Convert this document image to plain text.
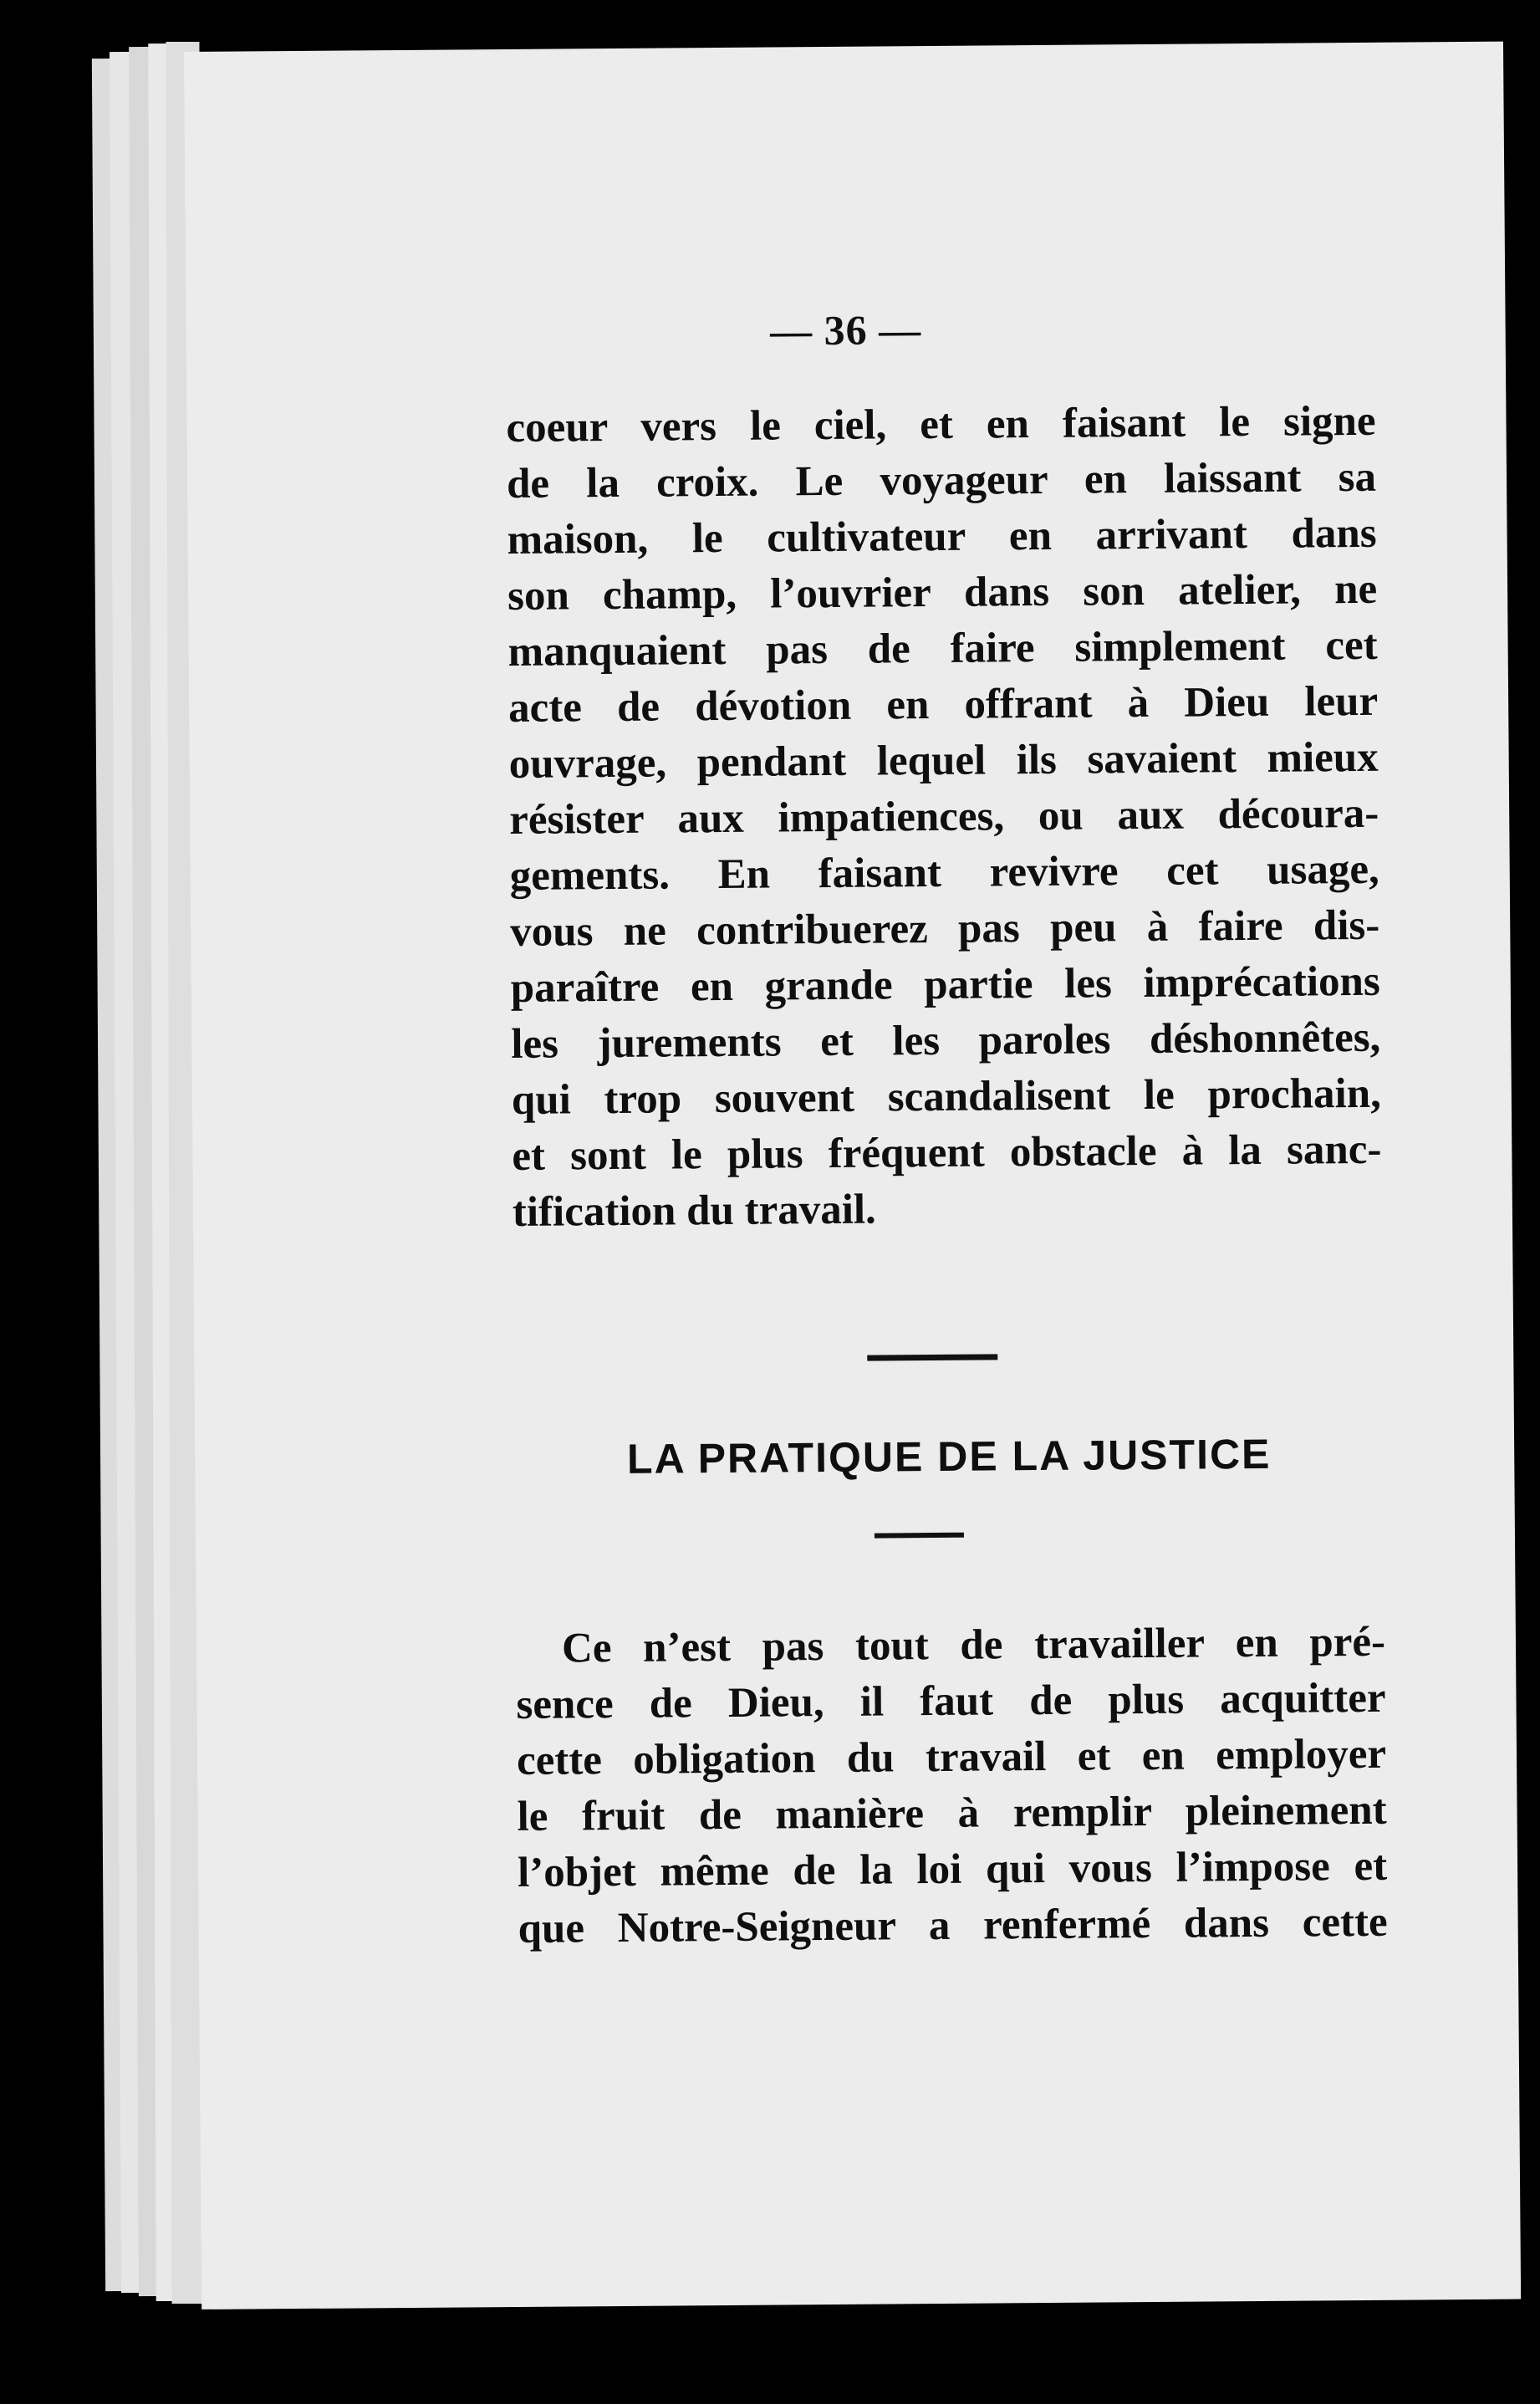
— 36 —
coeur vers le ciel, et en faisant le signe
de la croix. Le voyageur en laissant sa
maison, le cultivateur en arrivant dans
son champ, l’ouvrier dans son atelier, ne
manquaient pas de faire simplement cet
acte de dévotion en offrant à Dieu leur
ouvrage, pendant lequel ils savaient mieux
résister aux impatiences, ou aux découra-
gements. En faisant revivre cet usage,
vous ne contribuerez pas peu à faire dis-
paraître en grande partie les imprécations
les jurements et les paroles déshonnêtes,
qui trop souvent scandalisent le prochain,
et sont le plus fréquent obstacle à la sanc-
tification du travail.
LA PRATIQUE DE LA JUSTICE
Ce n’est pas tout de travailler en pré-
sence de Dieu, il faut de plus acquitter
cette obligation du travail et en employer
le fruit de manière à remplir pleinement
l’objet même de la loi qui vous l’impose et
que Notre-Seigneur a renfermé dans cette
